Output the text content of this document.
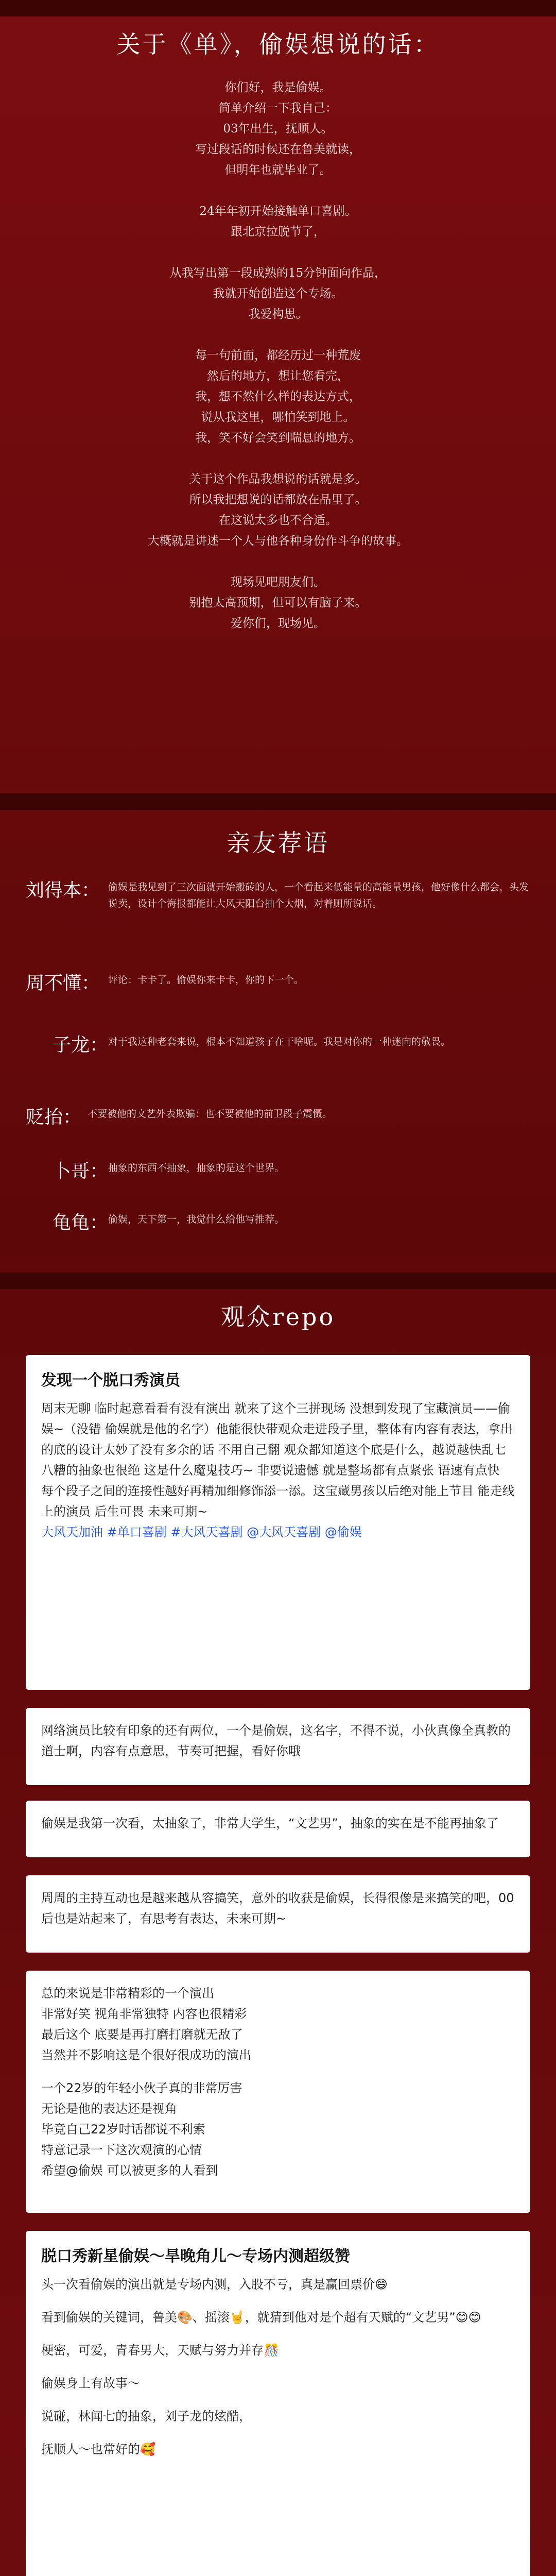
关于《单》，偷娱想说的话：

你们好，我是偷娱。

简单介绍一下我自己：

03年出生，抚顺人。

写过段话的时候还在鲁美就读，

但明年也就毕业了。

24年年初开始接触单口喜剧。

跟北京拉脱节了，

从我写出第一段成熟的15分钟面向作品，

我就开始创造这个专场。

我爱构思。

每一句前面，都经历过一种荒废

然后的地方，想让您看完，

我，想不然什么样的表达方式，

说从我这里，哪怕笑到地上。

我，笑不好会笑到喘息的地方。

关于这个作品我想说的话就是多。

所以我把想说的话都放在品里了。

在这说太多也不合适。

大概就是讲述一个人与他各种身份作斗争的故事。

现场见吧朋友们。

别抱太高预期，但可以有脑子来。

爱你们，现场见。

亲友荐语
刘得本： 偷娱是我见到了三次面就开始搬砖的人，一个看起来低能量的高能量男孩，他好像什么都会，头发说卖，设计个海报都能让大风天阳台抽个大烟，对着厕所说话。
周不懂： 评论：卡卡了。偷娱你来卡卡，你的下一个。
子龙： 对于我这种老套来说，根本不知道孩子在干啥呢。我是对你的一种迷向的敬畏。
贬抬： 不要被他的文艺外表欺骗：也不要被他的前卫段子震慑。
卜哥： 抽象的东西不抽象，抽象的是这个世界。
龟龟： 偷娱，天下第一，我觉什么给他写推荐。
观众repo
发现一个脱口秀演员

周末无聊 临时起意看看有没有演出 就来了这个三拼现场 没想到发现了宝藏演员——偷娱~（没错 偷娱就是他的名字）他能很快带观众走进段子里，整体有内容有表达，拿出的底的设计太妙了没有多余的话 不用自己翻 观众都知道这个底是什么，越说越快乱七八糟的抽象也很绝 这是什么魔鬼技巧~ 非要说遗憾 就是整场都有点紧张 语速有点快 每个段子之间的连接性越好再精加细修饰添一添。这宝藏男孩以后绝对能上节目 能走线上的演员 后生可畏 未来可期~

大风天加油 #单口喜剧 #大风天喜剧 @大风天喜剧 @偷娱

网络演员比较有印象的还有两位，一个是偷娱，这名字，不得不说，小伙真像全真教的道士啊，内容有点意思，节奏可把握，看好你哦

偷娱是我第一次看，太抽象了，非常大学生，“文艺男”，抽象的实在是不能再抽象了

周周的主持互动也是越来越从容搞笑，意外的收获是偷娱，长得很像是来搞笑的吧，00后也是站起来了，有思考有表达，未来可期~

总的来说是非常精彩的一个演出

非常好笑 视角非常独特 内容也很精彩

最后这个 底要是再打磨打磨就无敌了

当然并不影响这是个很好很成功的演出

一个22岁的年轻小伙子真的非常厉害

无论是他的表达还是视角

毕竟自己22岁时话都说不利索

特意记录一下这次观演的心情

希望@偷娱 可以被更多的人看到

脱口秀新星偷娱～旱晚角儿～专场内测超级赞

头一次看偷娱的演出就是专场内测，入股不亏，真是赢回票价😄

看到偷娱的关键词，鲁美🎨、摇滚🤘，就猜到他对是个超有天赋的“文艺男”😊😊

梗密，可爱，青春男大，天赋与努力并存🎊

偷娱身上有故事～

说碰，林闻七的抽象，刘子龙的炫酷，

抚顺人～也常好的🥰
